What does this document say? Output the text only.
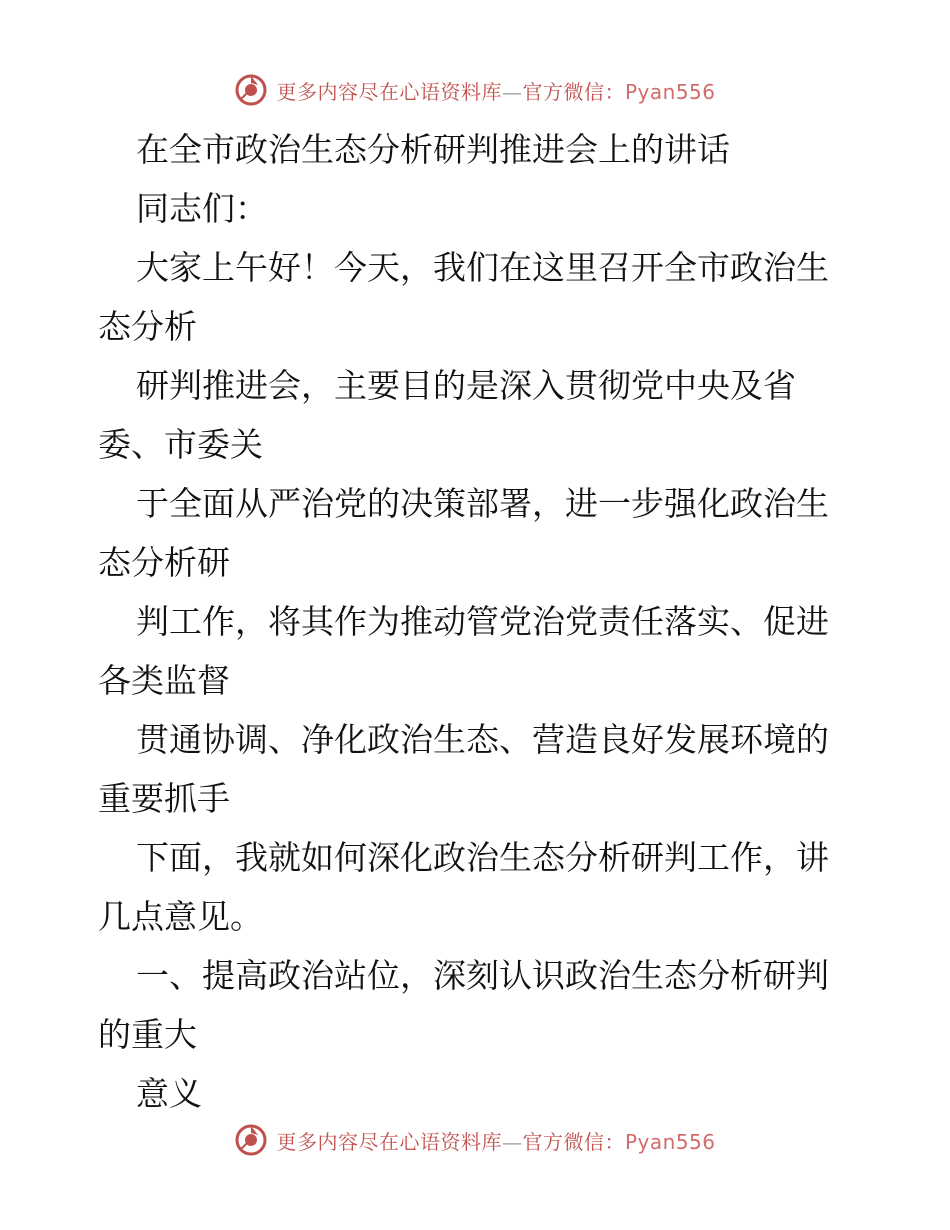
更多内容尽在心语资料库—官方微信：Pyan556

在全市政治生态分析研判推进会上的讲话

同志们：

大家上午好！今天，我们在这里召开全市政治生

态分析

研判推进会，主要目的是深入贯彻党中央及省

委、市委关

于全面从严治党的决策部署，进一步强化政治生

态分析研

判工作，将其作为推动管党治党责任落实、促进

各类监督

贯通协调、净化政治生态、营造良好发展环境的

重要抓手

下面，我就如何深化政治生态分析研判工作，讲

几点意见。

一、提高政治站位，深刻认识政治生态分析研判

的重大

意义

更多内容尽在心语资料库—官方微信：Pyan556
